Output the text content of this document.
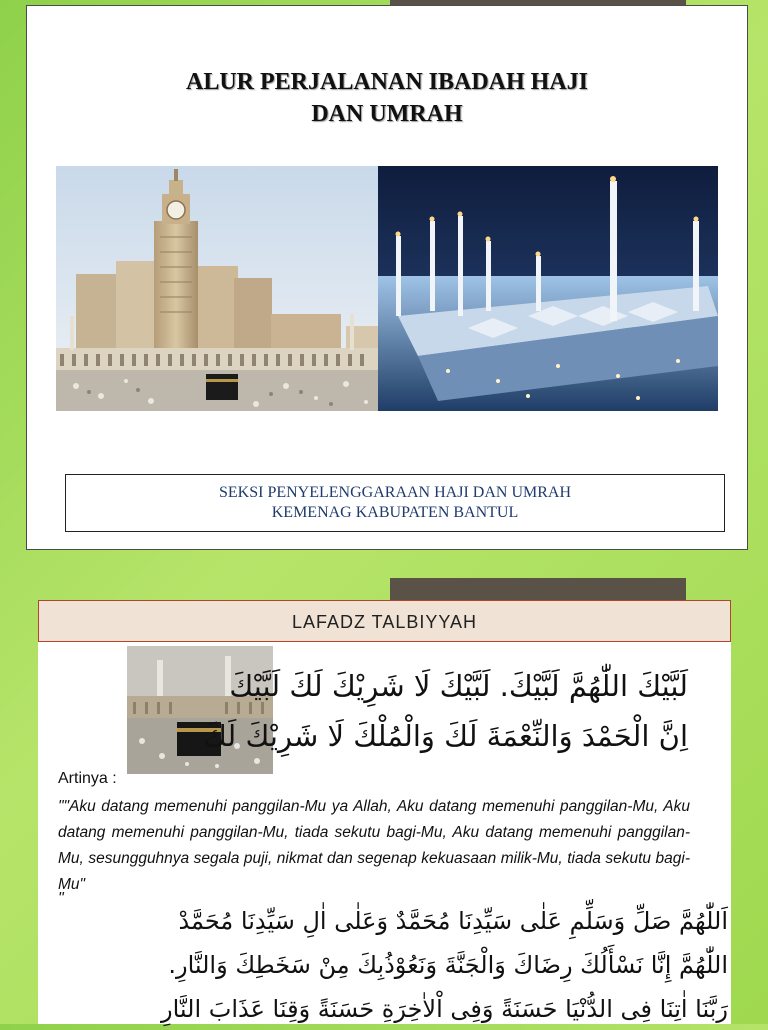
ALUR PERJALANAN IBADAH HAJI
DAN UMRAH
SEKSI PENYELENGGARAAN HAJI DAN UMRAH
KEMENAG KABUPATEN BANTUL
LAFADZ TALBIYYAH
لَبَّيْكَ اللّٰهُمَّ لَبَّيْكَ. لَبَّيْكَ لَا شَرِيْكَ لَكَ لَبَّيْكَ
اِنَّ الْحَمْدَ وَالنِّعْمَةَ لَكَ وَالْمُلْكَ لَا شَرِيْكَ لَكَ
Artinya :
""Aku datang memenuhi panggilan-Mu ya Allah, Aku datang memenuhi panggilan-Mu, Aku datang memenuhi panggilan-Mu, tiada sekutu bagi-Mu, Aku datang memenuhi panggilan-Mu, sesungguhnya segala puji, nikmat dan segenap kekuasaan milik-Mu, tiada sekutu bagi-Mu"
"
اَللّٰهُمَّ صَلِّ وَسَلِّمِ عَلٰى سَيِّدِنَا مُحَمَّدٌ وَعَلٰى اٰلِ سَيِّدِنَا مُحَمَّدْ
اللّٰهُمَّ إِنَّا نَسْأَلُكَ رِضَاكَ وَالْجَنَّةَ وَنَعُوْذُبِكَ مِنْ سَخَطِكَ وَالنَّارِ.
رَبَّنَا اٰتِنَا فِى الدُّنْيَا حَسَنَةً وَفِى اْلاٰخِرَةِ حَسَنَةً وَقِنَا عَذَابَ النَّارِ
